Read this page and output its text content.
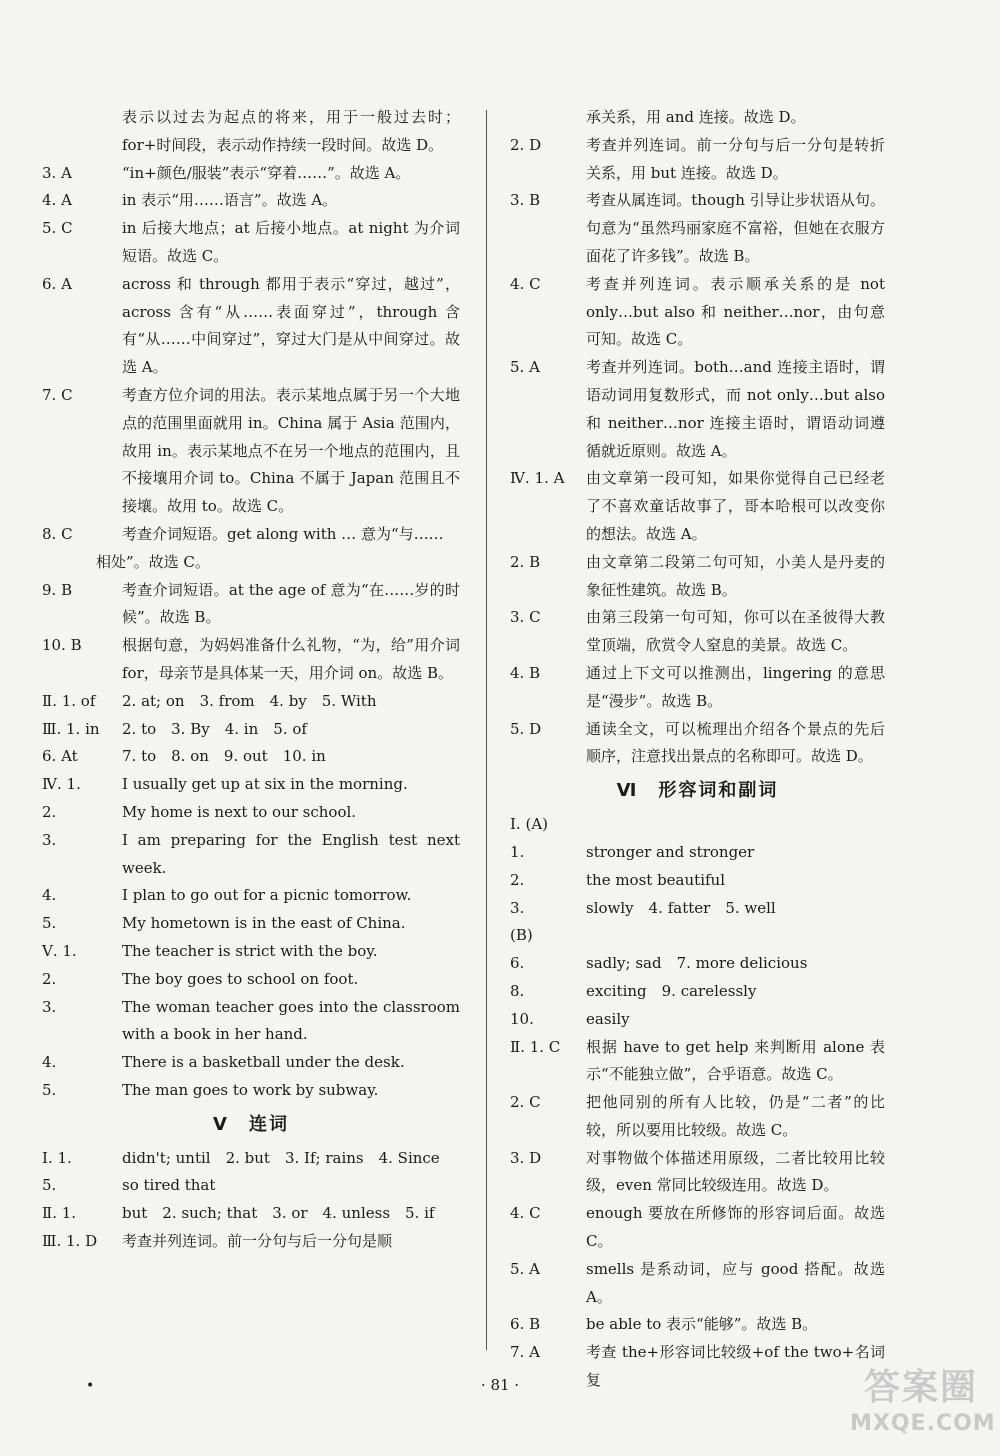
表示以过去为起点的将来，用于一般过去时；for+时间段，表示动作持续一段时间。故选 D。
3. A	“in+颜色/服装”表示“穿着……”。故选 A。
4. A	in 表示“用……语言”。故选 A。
5. C	in 后接大地点；at 后接小地点。at night 为介词短语。故选 C。
6. A	across 和 through 都用于表示“穿过，越过”，across 含有“从……表面穿过”，through 含有“从……中间穿过”，穿过大门是从中间穿过。故选 A。
7. C	考查方位介词的用法。表示某地点属于另一个大地点的范围里面就用 in。China 属于 Asia 范围内，故用 in。表示某地点不在另一个地点的范围内，且不接壤用介词 to。China 不属于 Japan 范围且不接壤。故用 to。故选 C。
8. C	考查介词短语。get along with … 意为“与……
相处”。故选 C。
9. B	考查介词短语。at the age of 意为“在……岁的时候”。故选 B。
10. B	根据句意，为妈妈准备什么礼物，“为，给”用介词 for，母亲节是具体某一天，用介词 on。故选 B。
Ⅱ. 1. of	2. at; on　3. from　4. by　5. With
Ⅲ. 1. in	2. to　3. By　4. in　5. of
6. At	7. to　8. on　9. out　10. in
Ⅳ. 1.	I usually get up at six in the morning.
2.	My home is next to our school.
3.	I am preparing for the English test next week.
4.	I plan to go out for a picnic tomorrow.
5.	My hometown is in the east of China.
Ⅴ. 1.	The teacher is strict with the boy.
2.	The boy goes to school on foot.
3.	The woman teacher goes into the classroom with a book in her hand.
4.	There is a basketball under the desk.
5.	The man goes to work by subway.
Ⅴ　连词
Ⅰ. 1.	didn't; until　2. but　3. If; rains　4. Since
5.	so tired that
Ⅱ. 1.	but　2. such; that　3. or　4. unless　5. if
Ⅲ. 1. D	考查并列连词。前一分句与后一分句是顺
承关系，用 and 连接。故选 D。
2. D	考查并列连词。前一分句与后一分句是转折关系，用 but 连接。故选 D。
3. B	考查从属连词。though 引导让步状语从句。句意为“虽然玛丽家庭不富裕，但她在衣服方面花了许多钱”。故选 B。
4. C	考查并列连词。表示顺承关系的是 not only…but also 和 neither…nor，由句意可知。故选 C。
5. A	考查并列连词。both…and 连接主语时，谓语动词用复数形式，而 not only…but also 和 neither…nor 连接主语时，谓语动词遵循就近原则。故选 A。
Ⅳ. 1. A	由文章第一段可知，如果你觉得自己已经老了不喜欢童话故事了，哥本哈根可以改变你的想法。故选 A。
2. B	由文章第二段第二句可知，小美人是丹麦的象征性建筑。故选 B。
3. C	由第三段第一句可知，你可以在圣彼得大教堂顶端，欣赏令人窒息的美景。故选 C。
4. B	通过上下文可以推测出，lingering 的意思是“漫步”。故选 B。
5. D	通读全文，可以梳理出介绍各个景点的先后顺序，注意找出景点的名称即可。故选 D。
Ⅵ　形容词和副词
Ⅰ. (A)
1.	stronger and stronger
2.	the most beautiful
3.	slowly　4. fatter　5. well
(B)
6.	sadly; sad　7. more delicious
8.	exciting　9. carelessly
10.	easily
Ⅱ. 1. C	根据 have to get help 来判断用 alone 表示“不能独立做”，合乎语意。故选 C。
2. C	把他同别的所有人比较，仍是“二者”的比较，所以要用比较级。故选 C。
3. D	对事物做个体描述用原级，二者比较用比较级，even 常同比较级连用。故选 D。
4. C	enough 要放在所修饰的形容词后面。故选 C。
5. A	smells 是系动词，应与 good 搭配。故选 A。
6. B	be able to 表示“能够”。故选 B。
7. A	考查 the+形容词比较级+of the two+名词复
•	· 81 ·	答案圈
MXQE.COM
